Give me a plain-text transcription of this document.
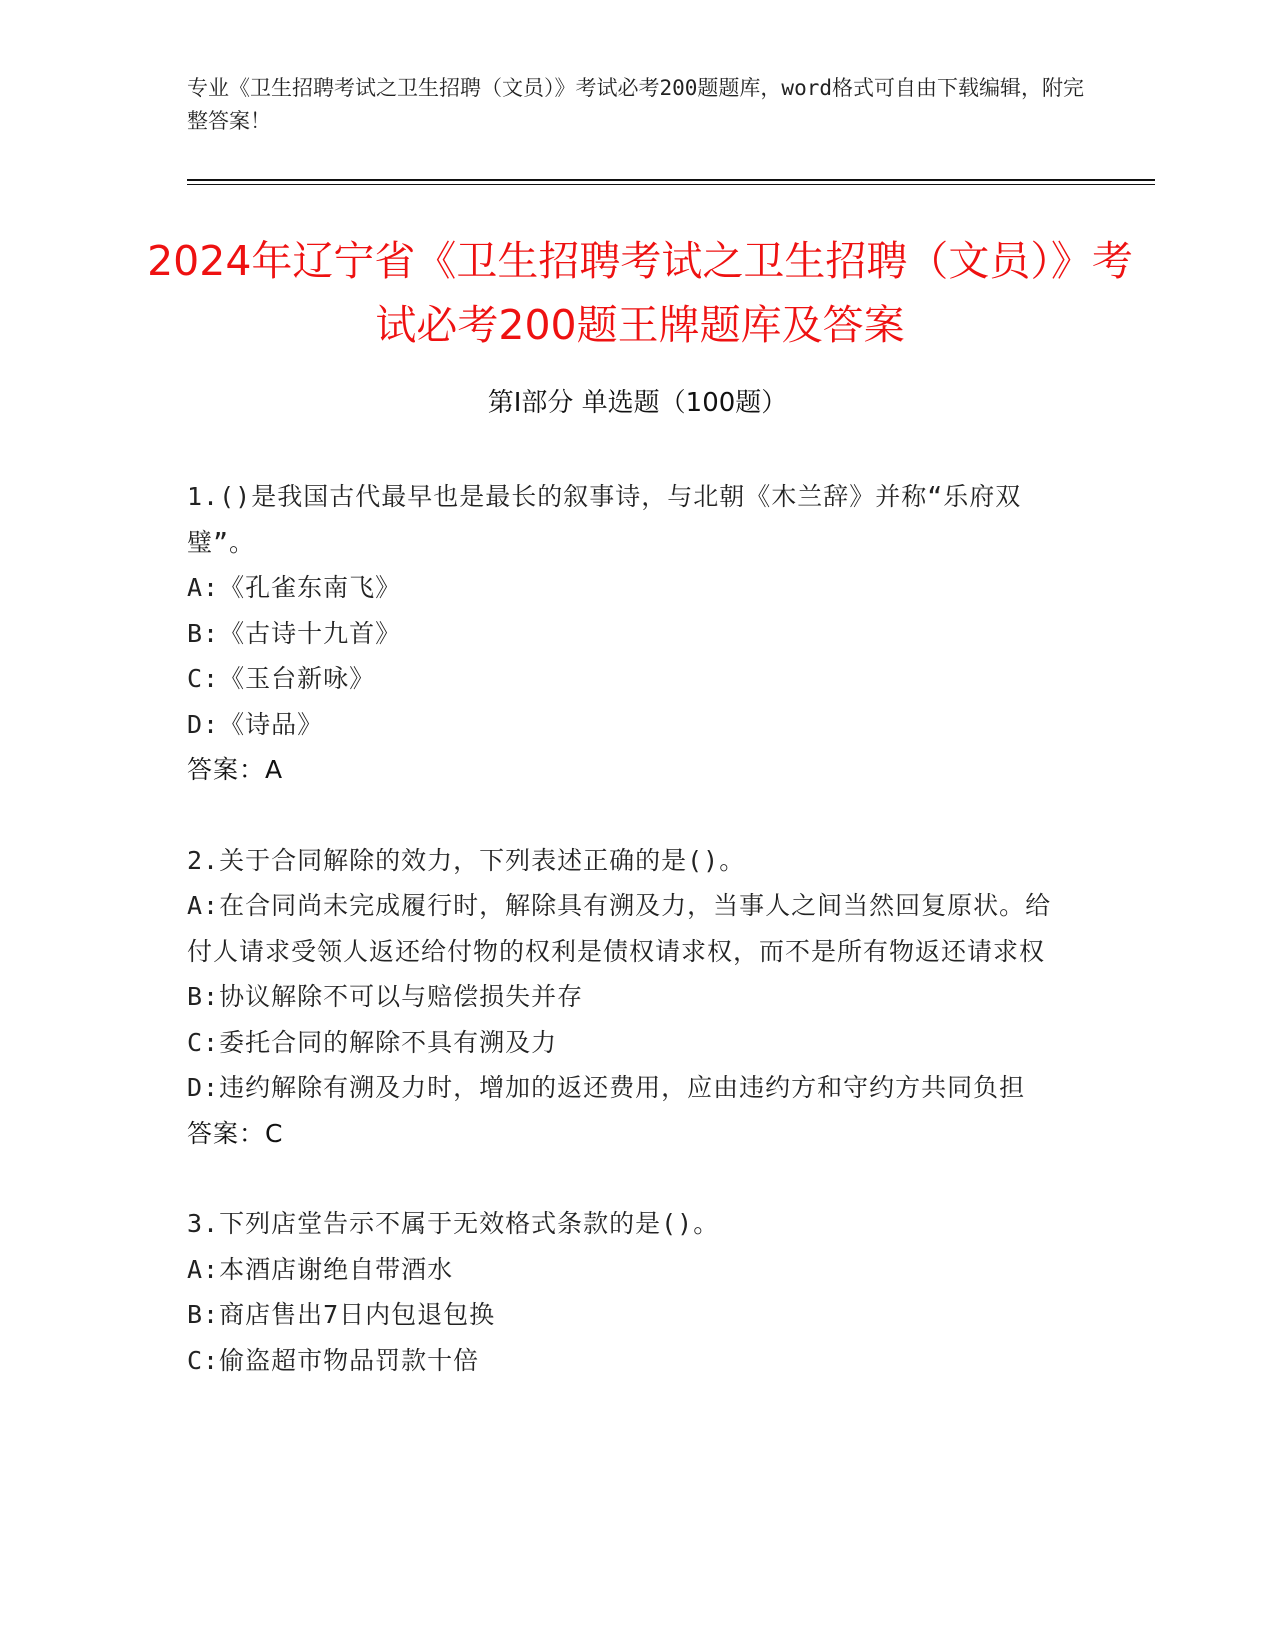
专业《卫生招聘考试之卫生招聘（文员）》考试必考200题题库，word格式可自由下载编辑，附完整答案！
2024年辽宁省《卫生招聘考试之卫生招聘（文员）》考试必考200题王牌题库及答案
第Ⅰ部分 单选题（100题）

1.()是我国古代最早也是最长的叙事诗，与北朝《木兰辞》并称“乐府双璧”。

A:《孔雀东南飞》

B:《古诗十九首》

C:《玉台新咏》

D:《诗品》

答案：A

2.关于合同解除的效力，下列表述正确的是()。

A:在合同尚未完成履行时，解除具有溯及力，当事人之间当然回复原状。给付人请求受领人返还给付物的权利是债权请求权，而不是所有物返还请求权

B:协议解除不可以与赔偿损失并存

C:委托合同的解除不具有溯及力

D:违约解除有溯及力时，增加的返还费用，应由违约方和守约方共同负担

答案：C

3.下列店堂告示不属于无效格式条款的是()。

A:本酒店谢绝自带酒水

B:商店售出7日内包退包换

C:偷盗超市物品罚款十倍
